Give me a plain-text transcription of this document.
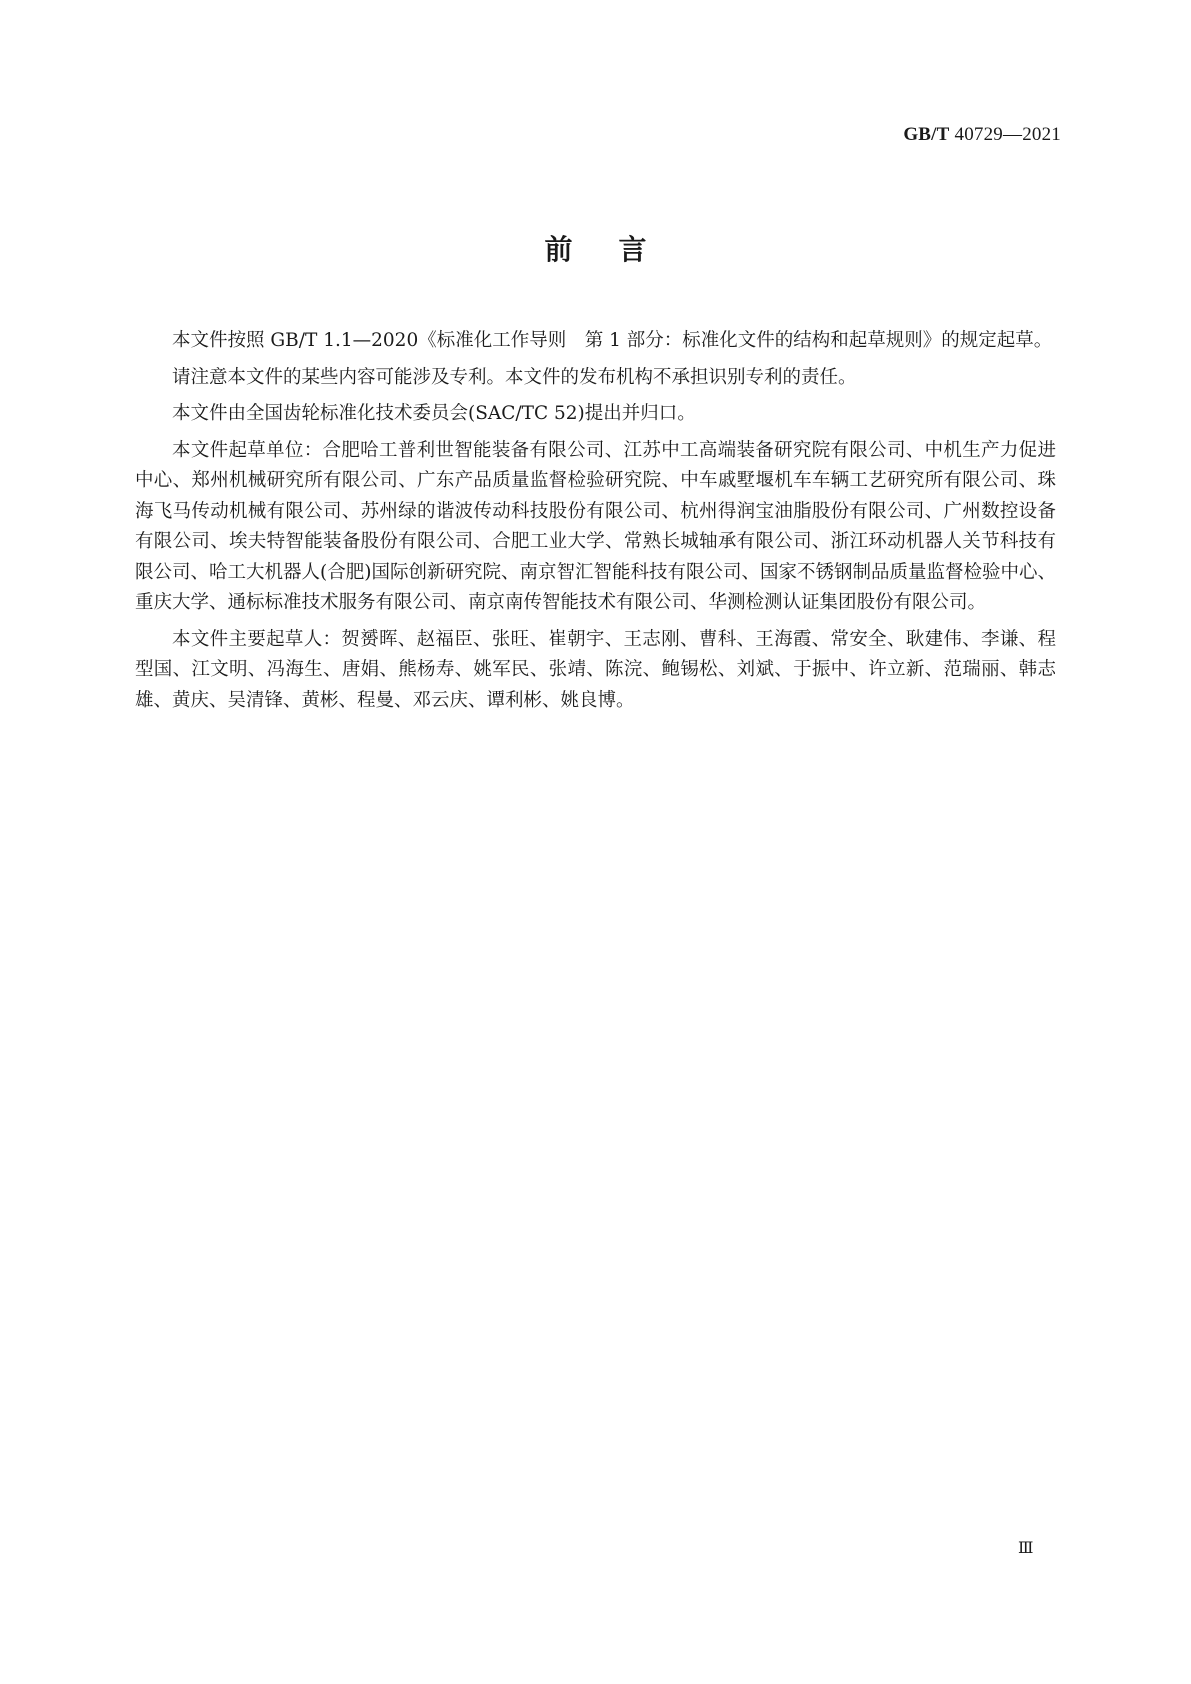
GB/T 40729—2021
前言

本文件按照 GB/T 1.1—2020《标准化工作导则　第 1 部分：标准化文件的结构和起草规则》的规定起草。

请注意本文件的某些内容可能涉及专利。本文件的发布机构不承担识别专利的责任。

本文件由全国齿轮标准化技术委员会(SAC/TC 52)提出并归口。

本文件起草单位：合肥哈工普利世智能装备有限公司、江苏中工高端装备研究院有限公司、中机生产力促进中心、郑州机械研究所有限公司、广东产品质量监督检验研究院、中车戚墅堰机车车辆工艺研究所有限公司、珠海飞马传动机械有限公司、苏州绿的谐波传动科技股份有限公司、杭州得润宝油脂股份有限公司、广州数控设备有限公司、埃夫特智能装备股份有限公司、合肥工业大学、常熟长城轴承有限公司、浙江环动机器人关节科技有限公司、哈工大机器人(合肥)国际创新研究院、南京智汇智能科技有限公司、国家不锈钢制品质量监督检验中心、重庆大学、通标标准技术服务有限公司、南京南传智能技术有限公司、华测检测认证集团股份有限公司。

本文件主要起草人：贺赟晖、赵福臣、张旺、崔朝宇、王志刚、曹科、王海霞、常安全、耿建伟、李谦、程型国、江文明、冯海生、唐娟、熊杨寿、姚军民、张靖、陈浣、鲍锡松、刘斌、于振中、许立新、范瑞丽、韩志雄、黄庆、吴清锋、黄彬、程曼、邓云庆、谭利彬、姚良博。

Ⅲ
